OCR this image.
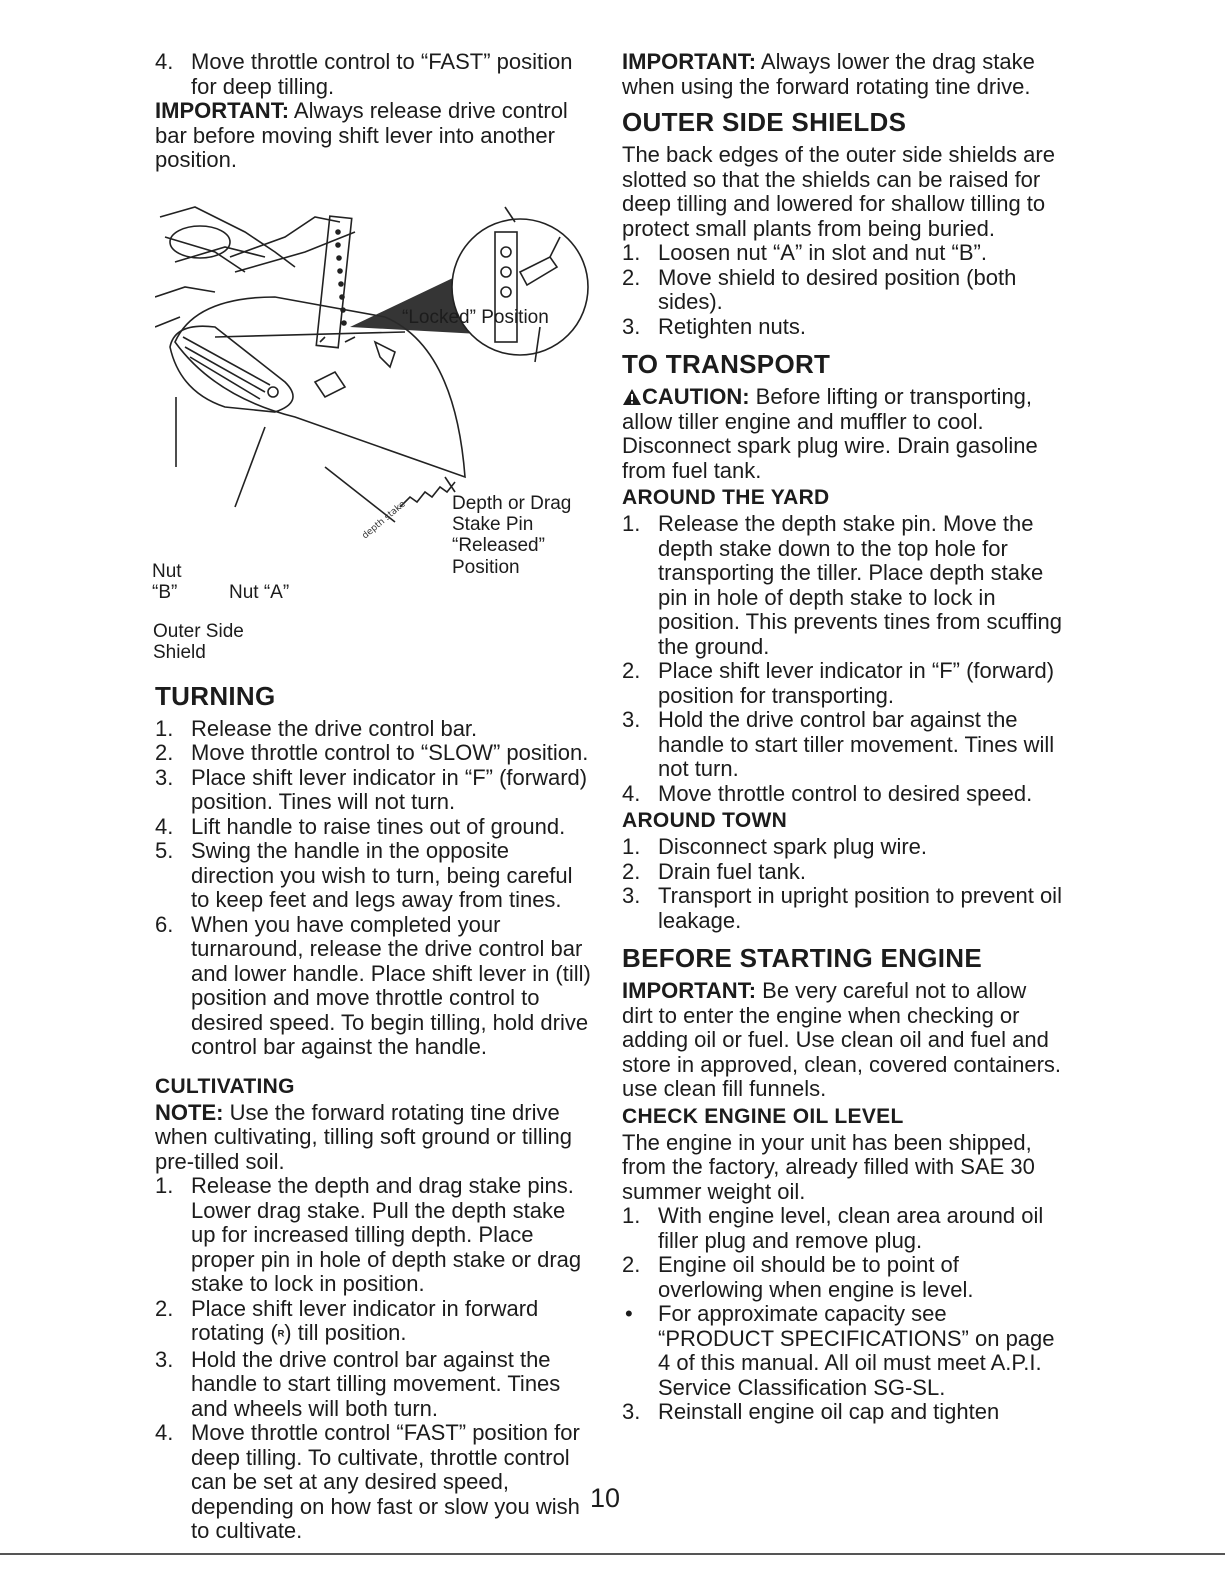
4. Move throttle control to “FAST” position for deep tilling.

IMPORTANT: Always release drive control bar before moving shift lever into another position.

depth stake
“Locked” Position
Depth or Drag
Stake Pin
“Released”
Position
Nut
“B”	Nut “A”
Outer Side
Shield
TURNING
1. Release the drive control bar.
2. Move throttle control to “SLOW” position.
3. Place shift lever indicator in “F” (forward) position. Tines will not turn.
4. Lift handle to raise tines out of ground.
5. Swing the handle in the opposite direction you wish to turn, being careful to keep feet and legs away from tines.
6. When you have completed your turnaround, release the drive control bar and lower handle. Place shift lever in (till) position and move throttle control to desired speed. To begin tilling, hold drive control bar against the handle.
CULTIVATING

NOTE: Use the forward rotating tine drive when cultivating, tilling soft ground or tilling pre-tilled soil.

1. Release the depth and drag stake pins. Lower drag stake. Pull the depth stake up for increased tilling depth. Place proper pin in hole of depth stake or drag stake to lock in position.
2. Place shift lever indicator in forward rotating (ᴿ) till position.
3. Hold the drive control bar against the handle to start tilling movement. Tines and wheels will both turn.
4. Move throttle control “FAST” position for deep tilling. To cultivate, throttle control can be set at any desired speed, depending on how fast or slow you wish to cultivate.

IMPORTANT: Always lower the drag stake when using the forward rotating tine drive.

OUTER SIDE SHIELDS

The back edges of the outer side shields are slotted so that the shields can be raised for deep tilling and lowered for shallow tilling to protect small plants from being buried.

1. Loosen nut “A” in slot and nut “B”.
2. Move shield to desired position (both sides).
3. Retighten nuts.
TO TRANSPORT

CAUTION: Before lifting or transporting, allow tiller engine and muffler to cool. Disconnect spark plug wire. Drain gasoline from fuel tank.

AROUND THE YARD
1. Release the depth stake pin. Move the depth stake down to the top hole for transporting the tiller. Place depth stake pin in hole of depth stake to lock in position. This prevents tines from scuffing the ground.
2. Place shift lever indicator in “F” (forward) position for transporting.
3. Hold the drive control bar against the handle to start tiller movement. Tines will not turn.
4. Move throttle control to desired speed.
AROUND TOWN
1. Disconnect spark plug wire.
2. Drain fuel tank.
3. Transport in upright position to prevent oil leakage.
BEFORE STARTING ENGINE

IMPORTANT: Be very careful not to allow dirt to enter the engine when checking or adding oil or fuel. Use clean oil and fuel and store in approved, clean, covered containers. use clean fill funnels.

CHECK ENGINE OIL LEVEL

The engine in your unit has been shipped, from the factory, already filled with SAE 30 summer weight oil.

1. With engine level, clean area around oil filler plug and remove plug.
2. Engine oil should be to point of overlowing when engine is level.
• For approximate capacity see “PRODUCT SPECIFICATIONS” on page 4 of this manual. All oil must meet A.P.I. Service Classification SG-SL.
3. Reinstall engine oil cap and tighten
10
